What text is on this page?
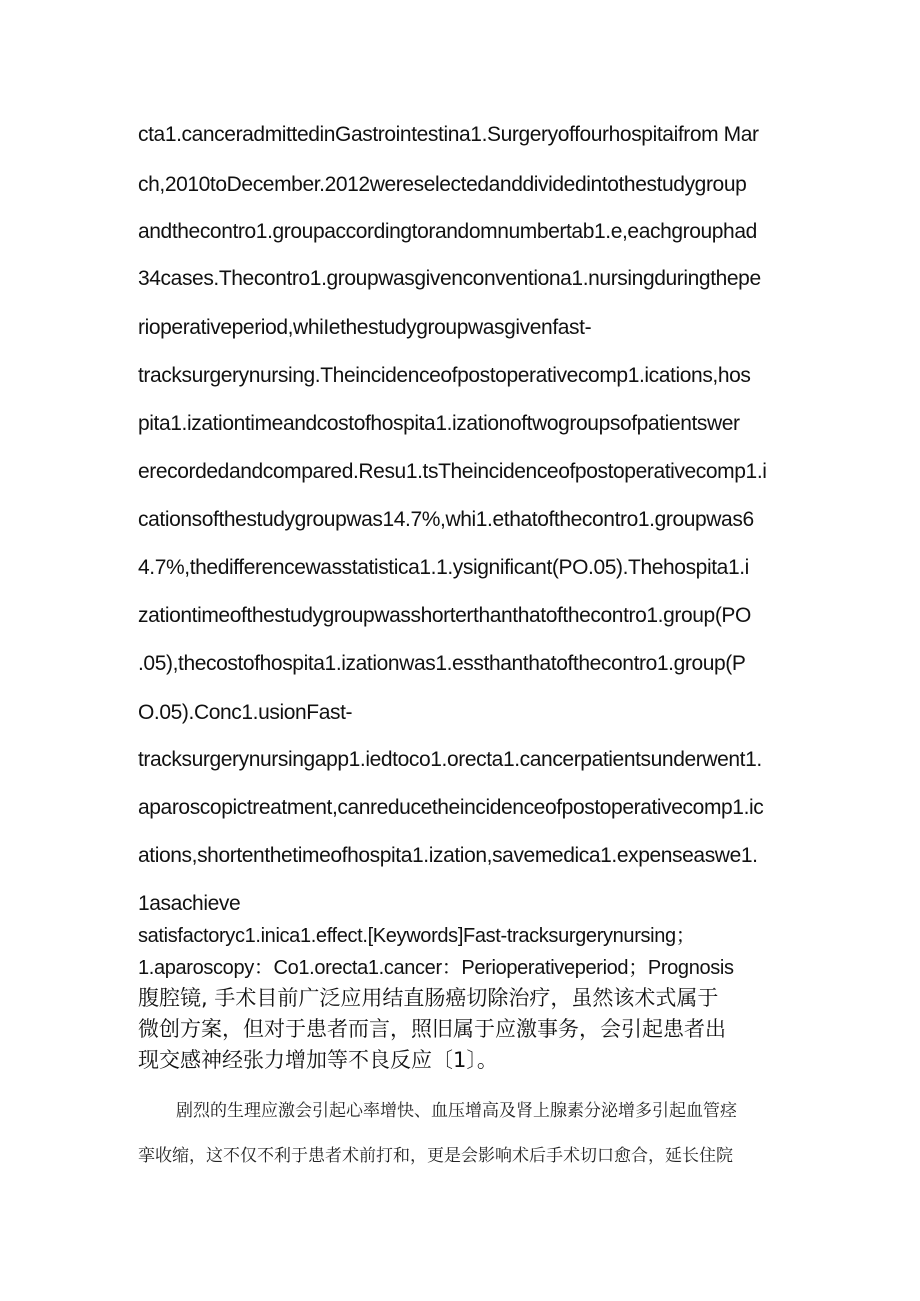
cta1.canceradmittedinGastrointestina1.Surgeryoffourhospitaifrom Mar
ch,2010toDecember.2012wereselectedanddividedintothestudygroup
andthecontro1.groupaccordingtorandomnumbertab1.e,eachgrouphad
34cases.Thecontro1.groupwasgivenconventiona1.nursingduringthepe
rioperativeperiod,whiIethestudygroupwasgivenfast-
tracksurgerynursing.Theincidenceofpostoperativecomp1.ications,hos
pita1.izationtimeandcostofhospita1.izationoftwogroupsofpatientswer
erecordedandcompared.Resu1.tsTheincidenceofpostoperativecomp1.i
cationsofthestudygroupwas14.7%,whi1.ethatofthecontro1.groupwas6
4.7%,thedifferencewasstatistica1.1.ysignificant(PO.05).Thehospita1.i
zationtimeofthestudygroupwasshorterthanthatofthecontro1.group(PO
.05),thecostofhospita1.izationwas1.essthanthatofthecontro1.group(P
O.05).Conc1.usionFast-
tracksurgerynursingapp1.iedtoco1.orecta1.cancerpatientsunderwent1.
aparoscopictreatment,canreducetheincidenceofpostoperativecomp1.ic
ations,shortenthetimeofhospita1.ization,savemedica1.expenseaswe1.
1asachieve
satisfactoryc1.inica1.effect.[Keywords]Fast-tracksurgerynursing；
1.aparoscopy：Co1.orecta1.cancer：Perioperativeperiod；Prognosis
腹腔镜, 手术目前广泛应用结直肠癌切除治疗，虽然该术式属于
微创方案，但对于患者而言，照旧属于应激事务，会引起患者出
现交感神经张力增加等不良反应〔1〕。
剧烈的生理应激会引起心率增快、血压增高及肾上腺素分泌增多引起血管痉
挛收缩，这不仅不利于患者术前打和，更是会影响术后手术切口愈合，延长住院
